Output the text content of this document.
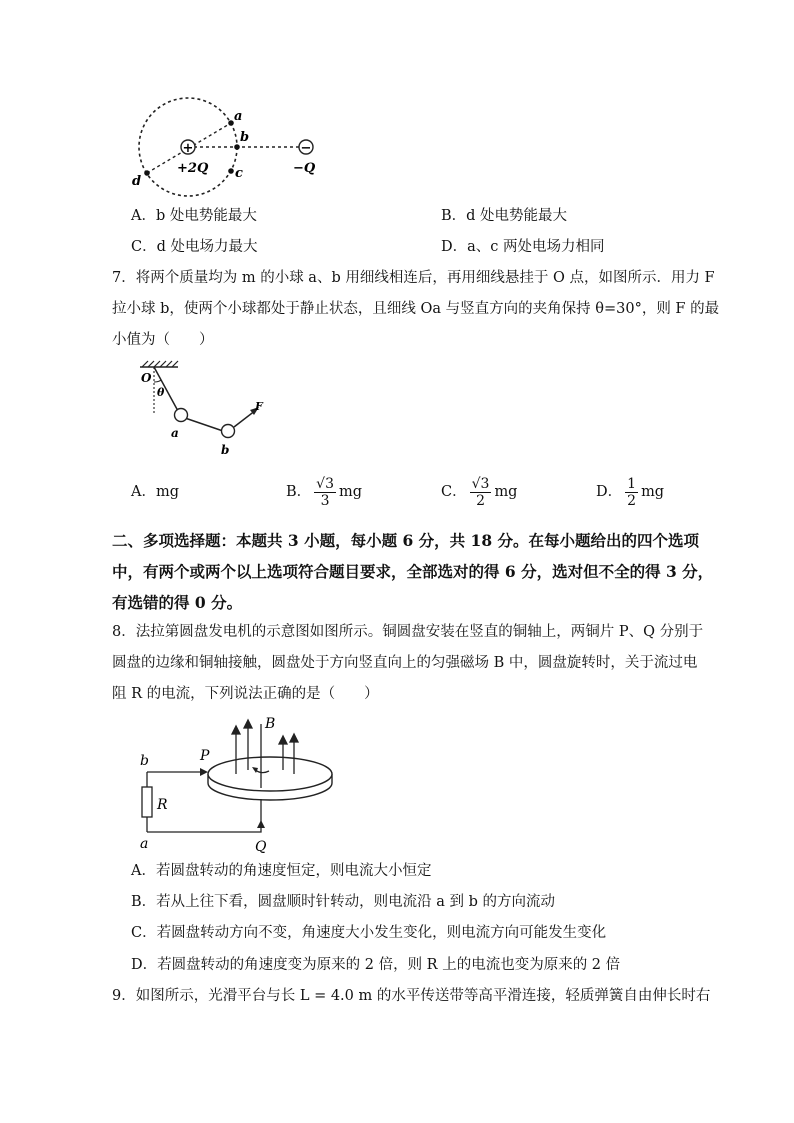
+	−
a
b
c
d
+2Q	−Q
A．b 处电势能最大	B．d 处电势能最大
C．d 处电场力最大	D．a、c 两处电场力相同
7．将两个质量均为 m 的小球 a、b 用细线相连后，再用细线悬挂于 O 点，如图所示．用力 F
拉小球 b，使两个小球都处于静止状态，且细线 Oa 与竖直方向的夹角保持 θ=30°，则 F 的最
小值为（　　）
O
θ
a
b
F
A．mg	B． $\frac{√3}{3}$ mg	C． $\frac{√3}{2}$ mg	D． $\frac{1}{2}$ mg
二、多项选择题：本题共 3 小题，每小题 6 分，共 18 分。在每小题给出的四个选项
中，有两个或两个以上选项符合题目要求，全部选对的得 6 分，选对但不全的得 3 分，
有选错的得 0 分。
8．法拉第圆盘发电机的示意图如图所示。铜圆盘安装在竖直的铜轴上，两铜片 P、Q 分别于
圆盘的边缘和铜轴接触，圆盘处于方向竖直向上的匀强磁场 B 中，圆盘旋转时，关于流过电
阻 R 的电流，下列说法正确的是（　　）
B
P
b
R
a	Q
A．若圆盘转动的角速度恒定，则电流大小恒定
B．若从上往下看，圆盘顺时针转动，则电流沿 a 到 b 的方向流动
C．若圆盘转动方向不变，角速度大小发生变化，则电流方向可能发生变化
D．若圆盘转动的角速度变为原来的 2 倍，则 R 上的电流也变为原来的 2 倍
9．如图所示，光滑平台与长 L = 4.0 m 的水平传送带等高平滑连接，轻质弹簧自由伸长时右
